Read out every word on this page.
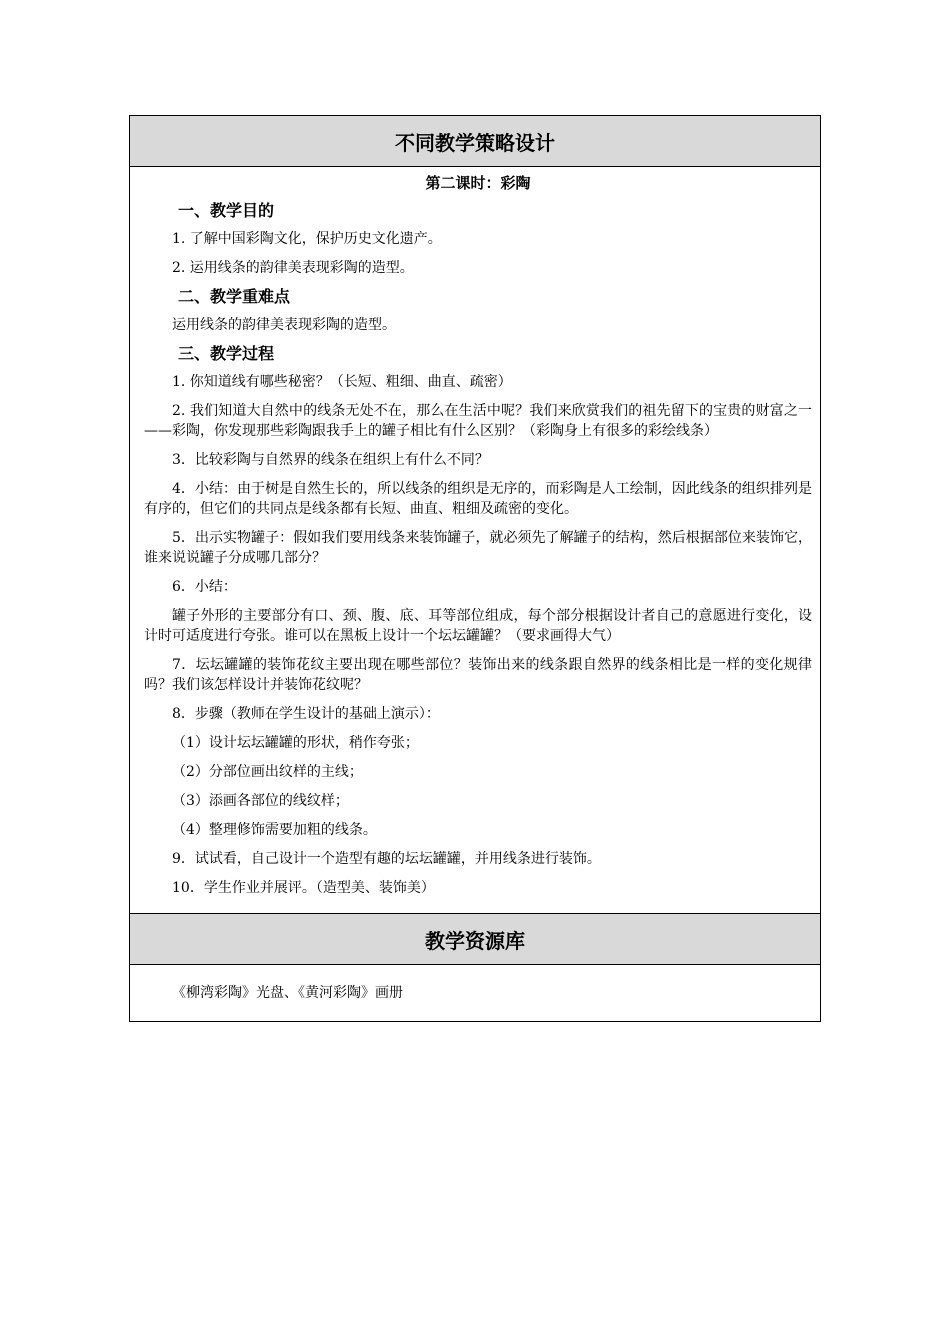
不同教学策略设计
第二课时：彩陶
一、教学目的

1. 了解中国彩陶文化，保护历史文化遗产。

2. 运用线条的韵律美表现彩陶的造型。

二、教学重难点

运用线条的韵律美表现彩陶的造型。

三、教学过程

1. 你知道线有哪些秘密？（长短、粗细、曲直、疏密）

2. 我们知道大自然中的线条无处不在，那么在生活中呢？我们来欣赏我们的祖先留下的宝贵的财富之一——彩陶，你发现那些彩陶跟我手上的罐子相比有什么区别？（彩陶身上有很多的彩绘线条）

3．比较彩陶与自然界的线条在组织上有什么不同？

4．小结：由于树是自然生长的，所以线条的组织是无序的，而彩陶是人工绘制，因此线条的组织排列是有序的，但它们的共同点是线条都有长短、曲直、粗细及疏密的变化。

5．出示实物罐子：假如我们要用线条来装饰罐子，就必须先了解罐子的结构，然后根据部位来装饰它，谁来说说罐子分成哪几部分？

6．小结：

罐子外形的主要部分有口、颈、腹、底、耳等部位组成，每个部分根据设计者自己的意愿进行变化，设计时可适度进行夸张。谁可以在黑板上设计一个坛坛罐罐？（要求画得大气）

7．坛坛罐罐的装饰花纹主要出现在哪些部位？装饰出来的线条跟自然界的线条相比是一样的变化规律吗？我们该怎样设计并装饰花纹呢？

8．步骤（教师在学生设计的基础上演示）：

（1）设计坛坛罐罐的形状，稍作夸张；

（2）分部位画出纹样的主线；

（3）添画各部位的线纹样；

（4）整理修饰需要加粗的线条。

9．试试看，自己设计一个造型有趣的坛坛罐罐，并用线条进行装饰。

10．学生作业并展评。（造型美、装饰美）

教学资源库
《柳湾彩陶》光盘、《黄河彩陶》画册
